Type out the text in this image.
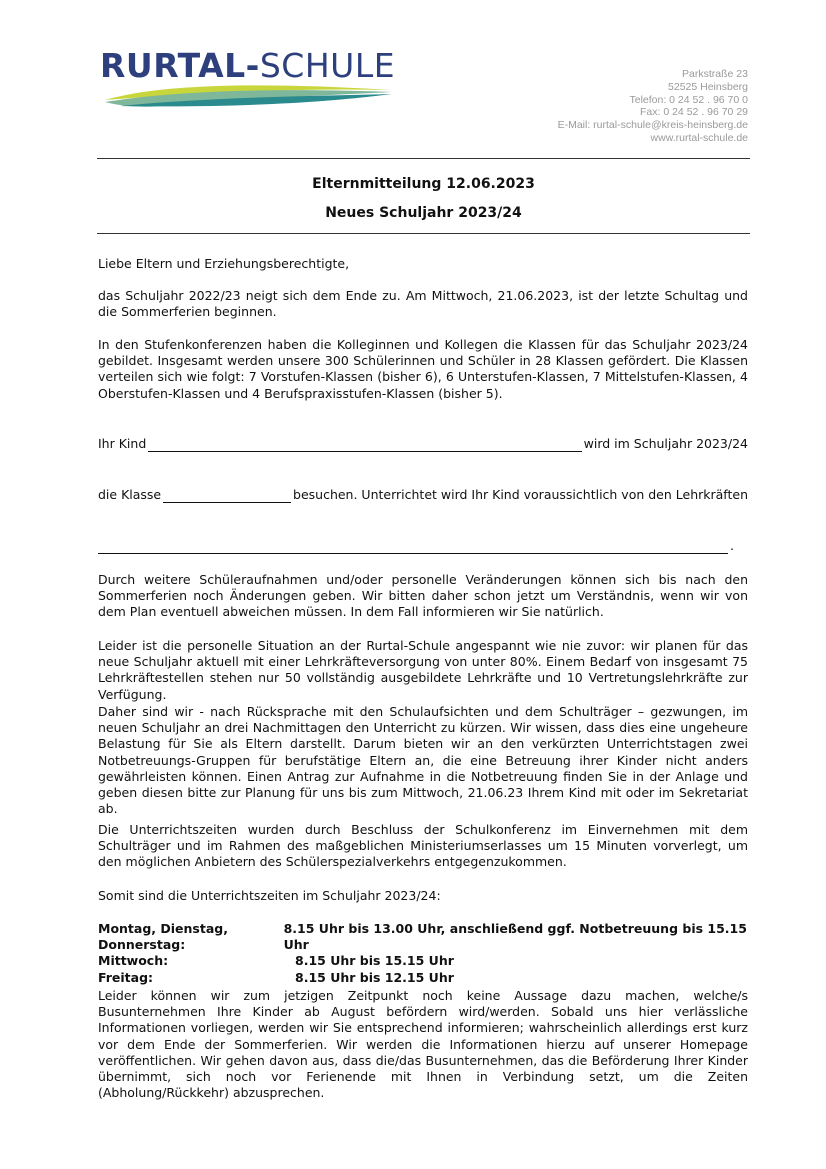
RURTAL-SCHULE	Parkstraße 23
52525 Heinsberg
Telefon: 0 24 52 . 96 70 0
Fax: 0 24 52 . 96 70 29
E-Mail: rurtal-schule@kreis-heinsberg.de
www.rurtal-schule.de
Elternmitteilung 12.06.2023
Neues Schuljahr 2023/24

Liebe Eltern und Erziehungsberechtigte,

das Schuljahr 2022/23 neigt sich dem Ende zu. Am Mittwoch, 21.06.2023, ist der letzte Schultag und die Sommerferien beginnen.

In den Stufenkonferenzen haben die Kolleginnen und Kollegen die Klassen für das Schuljahr 2023/24 gebildet. Insgesamt werden unsere 300 Schülerinnen und Schüler in 28 Klassen gefördert. Die Klassen verteilen sich wie folgt: 7 Vorstufen-Klassen (bisher 6), 6 Unterstufen-Klassen, 7 Mittelstufen-Klassen, 4 Oberstufen-Klassen und 4 Berufspraxisstufen-Klassen (bisher 5).

Ihr Kind	wird im Schuljahr 2023/24
die Klasse	besuchen. Unterrichtet wird Ihr Kind voraussichtlich von den Lehrkräften
.

Durch weitere Schüleraufnahmen und/oder personelle Veränderungen können sich bis nach den Sommerferien noch Änderungen geben. Wir bitten daher schon jetzt um Verständnis, wenn wir von dem Plan eventuell abweichen müssen. In dem Fall informieren wir Sie natürlich.

Leider ist die personelle Situation an der Rurtal-Schule angespannt wie nie zuvor: wir planen für das neue Schuljahr aktuell mit einer Lehrkräfteversorgung von unter 80%. Einem Bedarf von insgesamt 75 Lehrkräftestellen stehen nur 50 vollständig ausgebildete Lehrkräfte und 10 Vertretungslehrkräfte zur Verfügung.

Daher sind wir - nach Rücksprache mit den Schulaufsichten und dem Schulträger – gezwungen, im neuen Schuljahr an drei Nachmittagen den Unterricht zu kürzen. Wir wissen, dass dies eine ungeheure Belastung für Sie als Eltern darstellt. Darum bieten wir an den verkürzten Unterrichtstagen zwei Notbetreuungs-Gruppen für berufstätige Eltern an, die eine Betreuung ihrer Kinder nicht anders gewährleisten können. Einen Antrag zur Aufnahme in die Notbetreuung finden Sie in der Anlage und geben diesen bitte zur Planung für uns bis zum Mittwoch, 21.06.23 Ihrem Kind mit oder im Sekretariat ab.

Die Unterrichtszeiten wurden durch Beschluss der Schulkonferenz im Einvernehmen mit dem Schulträger und im Rahmen des maßgeblichen Ministeriumserlasses um 15 Minuten vorverlegt, um den möglichen Anbietern des Schülerspezialverkehrs entgegenzukommen.

Somit sind die Unterrichtszeiten im Schuljahr 2023/24:

Montag, Dienstag, Donnerstag:
8.15 Uhr bis 13.00 Uhr, anschließend ggf. Notbetreuung bis 15.15 Uhr
Mittwoch:	8.15 Uhr bis 15.15 Uhr
Freitag:	8.15 Uhr bis 12.15 Uhr

Leider können wir zum jetzigen Zeitpunkt noch keine Aussage dazu machen, welche/s Busunternehmen Ihre Kinder ab August befördern wird/werden. Sobald uns hier verlässliche Informationen vorliegen, werden wir Sie entsprechend informieren; wahrscheinlich allerdings erst kurz vor dem Ende der Sommerferien. Wir werden die Informationen hierzu auf unserer Homepage veröffentlichen. Wir gehen davon aus, dass die/das Busunternehmen, das die Beförderung Ihrer Kinder übernimmt, sich noch vor Ferienende mit Ihnen in Verbindung setzt, um die Zeiten (Abholung/Rückkehr) abzusprechen.
